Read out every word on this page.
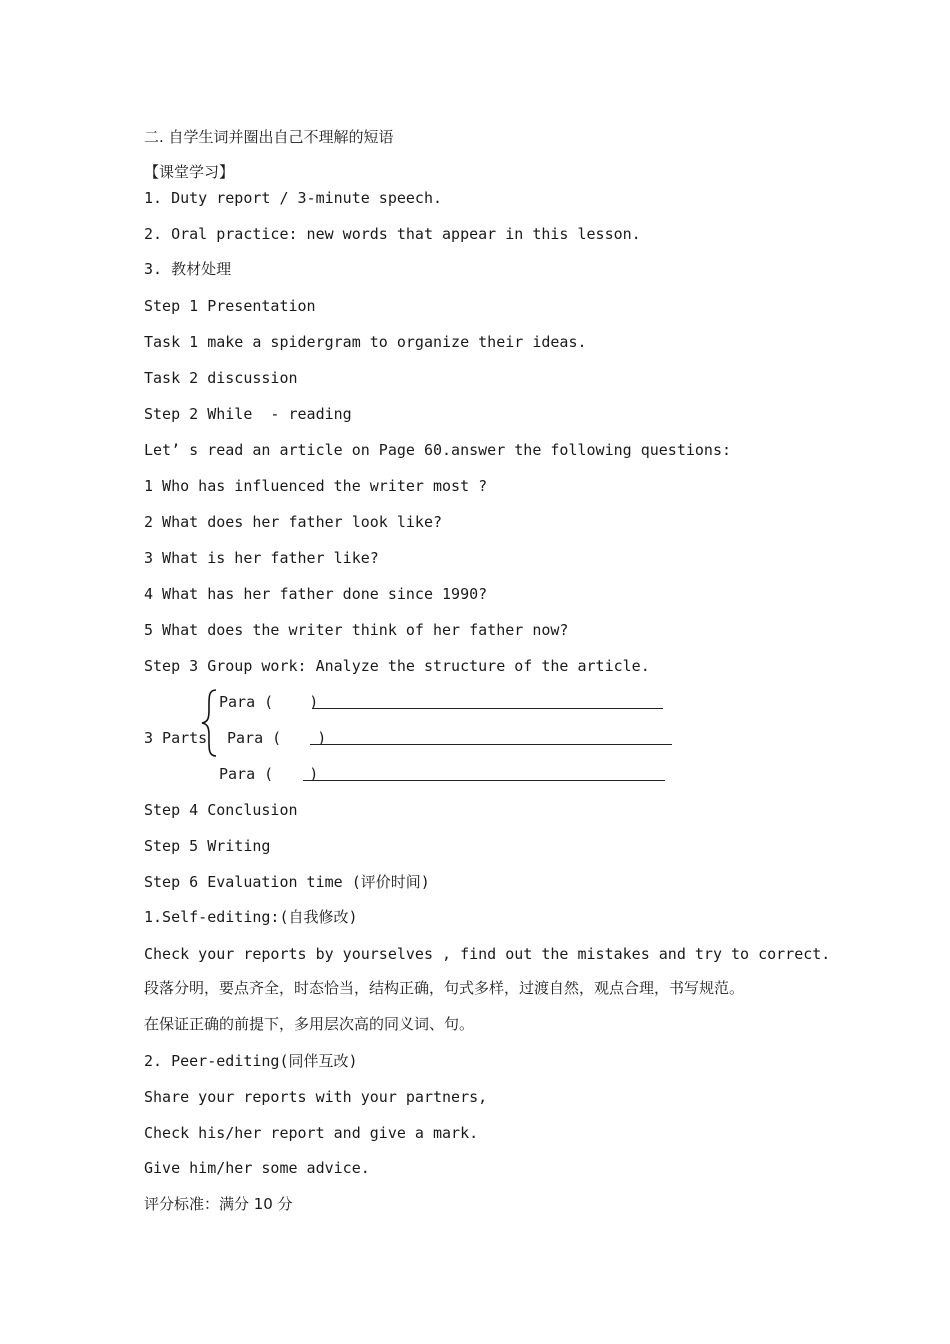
二. 自学生词并圈出自己不理解的短语
【课堂学习】
1. Duty report / 3-minute speech.
2. Oral practice: new words that appear in this lesson.
3. 教材处理
Step 1 Presentation
Task 1 make a spidergram to organize their ideas.
Task 2 discussion
Step 2 While  - reading
Let’ s read an article on Page 60.answer the following questions:
1 Who has influenced the writer most ?
2 What does her father look like?
3 What is her father like?
4 What has her father done since 1990?
5 What does the writer think of her father now?
Step 3 Group work: Analyze the structure of the article.
3 Parts
Para (    )
Para (    )
Para (    )
Step 4 Conclusion
Step 5 Writing
Step 6 Evaluation time (评价时间)
1.Self-editing:(自我修改)
Check your reports by yourselves , find out the mistakes and try to correct.
段落分明，要点齐全，时态恰当，结构正确，句式多样，过渡自然，观点合理，书写规范。
在保证正确的前提下，多用层次高的同义词、句。
2. Peer-editing(同伴互改)
Share your reports with your partners,
Check his/her report and give a mark.
Give him/her some advice.
评分标准：满分 10 分
